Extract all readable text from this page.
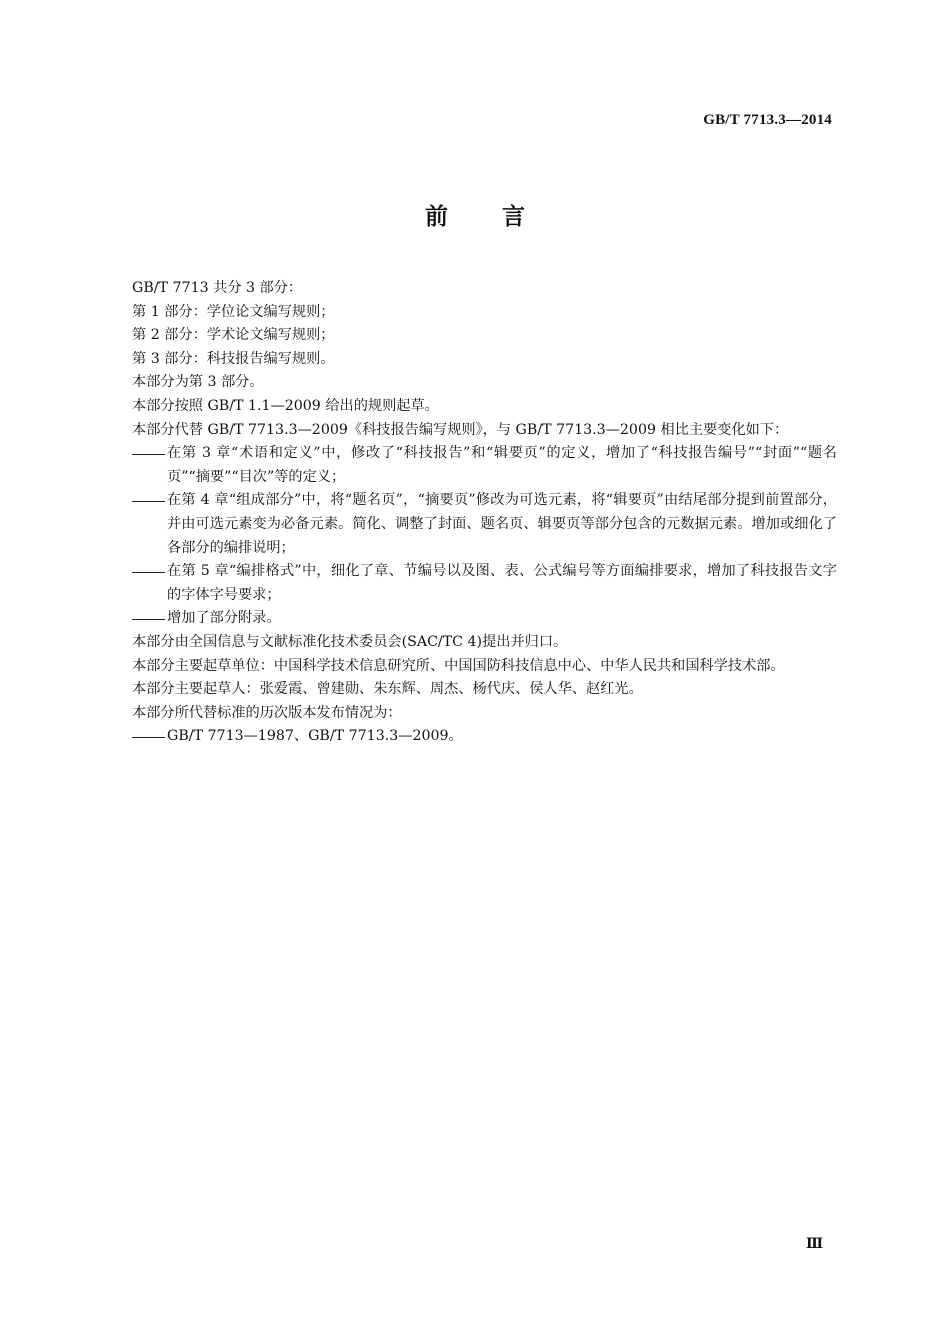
GB/T 7713.3—2014
前言

GB/T 7713 共分 3 部分：

第 1 部分：学位论文编写规则；

第 2 部分：学术论文编写规则；

第 3 部分：科技报告编写规则。

本部分为第 3 部分。

本部分按照 GB/T 1.1—2009 给出的规则起草。

本部分代替 GB/T 7713.3—2009《科技报告编写规则》，与 GB/T 7713.3—2009 相比主要变化如下：

在第 3 章“术语和定义”中，修改了“科技报告”和“辑要页”的定义，增加了“科技报告编号”“封面”“题名页”“摘要”“目次”等的定义；
在第 4 章“组成部分”中，将“题名页”，“摘要页”修改为可选元素，将“辑要页”由结尾部分提到前置部分，并由可选元素变为必备元素。简化、调整了封面、题名页、辑要页等部分包含的元数据元素。增加或细化了各部分的编排说明；
在第 5 章“编排格式”中，细化了章、节编号以及图、表、公式编号等方面编排要求，增加了科技报告文字的字体字号要求；
增加了部分附录。

本部分由全国信息与文献标准化技术委员会(SAC/TC 4)提出并归口。

本部分主要起草单位：中国科学技术信息研究所、中国国防科技信息中心、中华人民共和国科学技术部。

本部分主要起草人：张爱霞、曾建勋、朱东辉、周杰、杨代庆、侯人华、赵红光。

本部分所代替标准的历次版本发布情况为：

GB/T 7713—1987、GB/T 7713.3—2009。
Ⅲ
